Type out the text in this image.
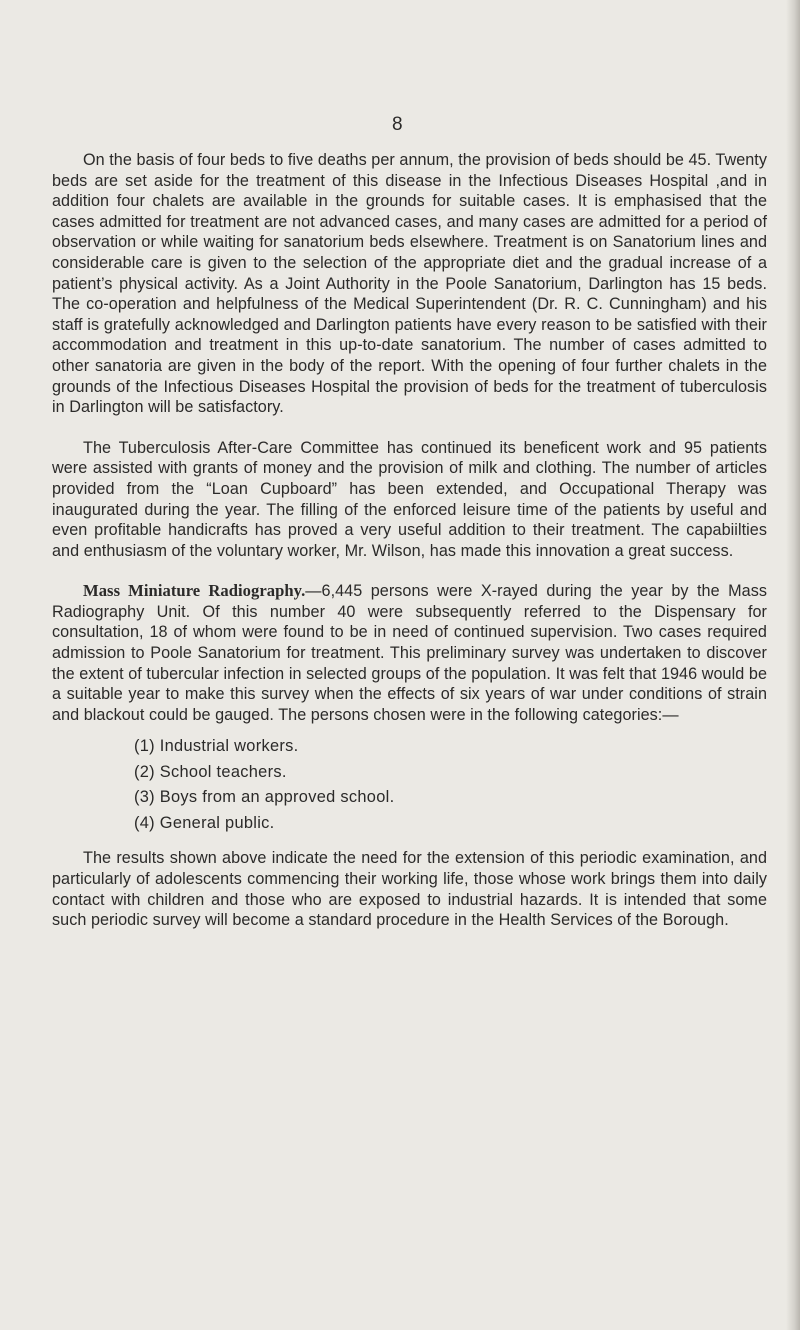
8

On the basis of four beds to five deaths per annum, the provision of beds should be 45. Twenty beds are set aside for the treatment of this disease in the Infectious Diseases Hospital ,and in addition four chalets are available in the grounds for suitable cases. It is emphasised that the cases admitted for treatment are not advanced cases, and many cases are admitted for a period of observation or while waiting for sanatorium beds elsewhere. Treatment is on Sanatorium lines and considerable care is given to the selection of the appropriate diet and the gradual increase of a patient’s physical activity. As a Joint Authority in the Poole Sanatorium, Darlington has 15 beds. The co-operation and helpfulness of the Medical Superintendent (Dr. R. C. Cunningham) and his staff is gratefully acknowledged and Darlington patients have every reason to be satisfied with their accommodation and treatment in this up-to-date sanatorium. The number of cases admitted to other sanatoria are given in the body of the report. With the opening of four further chalets in the grounds of the Infectious Diseases Hospital the provision of beds for the treatment of tuberculosis in Darlington will be satisfactory.

The Tuberculosis After-Care Committee has continued its beneficent work and 95 patients were assisted with grants of money and the provision of milk and clothing. The number of articles provided from the “Loan Cupboard” has been extended, and Occupational Therapy was inaugurated during the year. The filling of the enforced leisure time of the patients by useful and even profitable handicrafts has proved a very useful addition to their treatment. The capabiilties and enthusiasm of the voluntary worker, Mr. Wilson, has made this innovation a great success.

Mass Miniature Radiography.—6,445 persons were X-rayed during the year by the Mass Radiography Unit. Of this number 40 were subsequently referred to the Dispensary for consultation, 18 of whom were found to be in need of continued supervision. Two cases required admission to Poole Sanatorium for treatment. This preliminary survey was undertaken to discover the extent of tubercular infection in selected groups of the population. It was felt that 1946 would be a suitable year to make this survey when the effects of six years of war under conditions of strain and blackout could be gauged. The persons chosen were in the following categories:—

(1) Industrial workers.
(2) School teachers.
(3) Boys from an approved school.
(4) General public.

The results shown above indicate the need for the extension of this periodic examination, and particularly of adolescents commencing their working life, those whose work brings them into daily contact with children and those who are exposed to industrial hazards. It is intended that some such periodic survey will become a standard procedure in the Health Services of the Borough.
